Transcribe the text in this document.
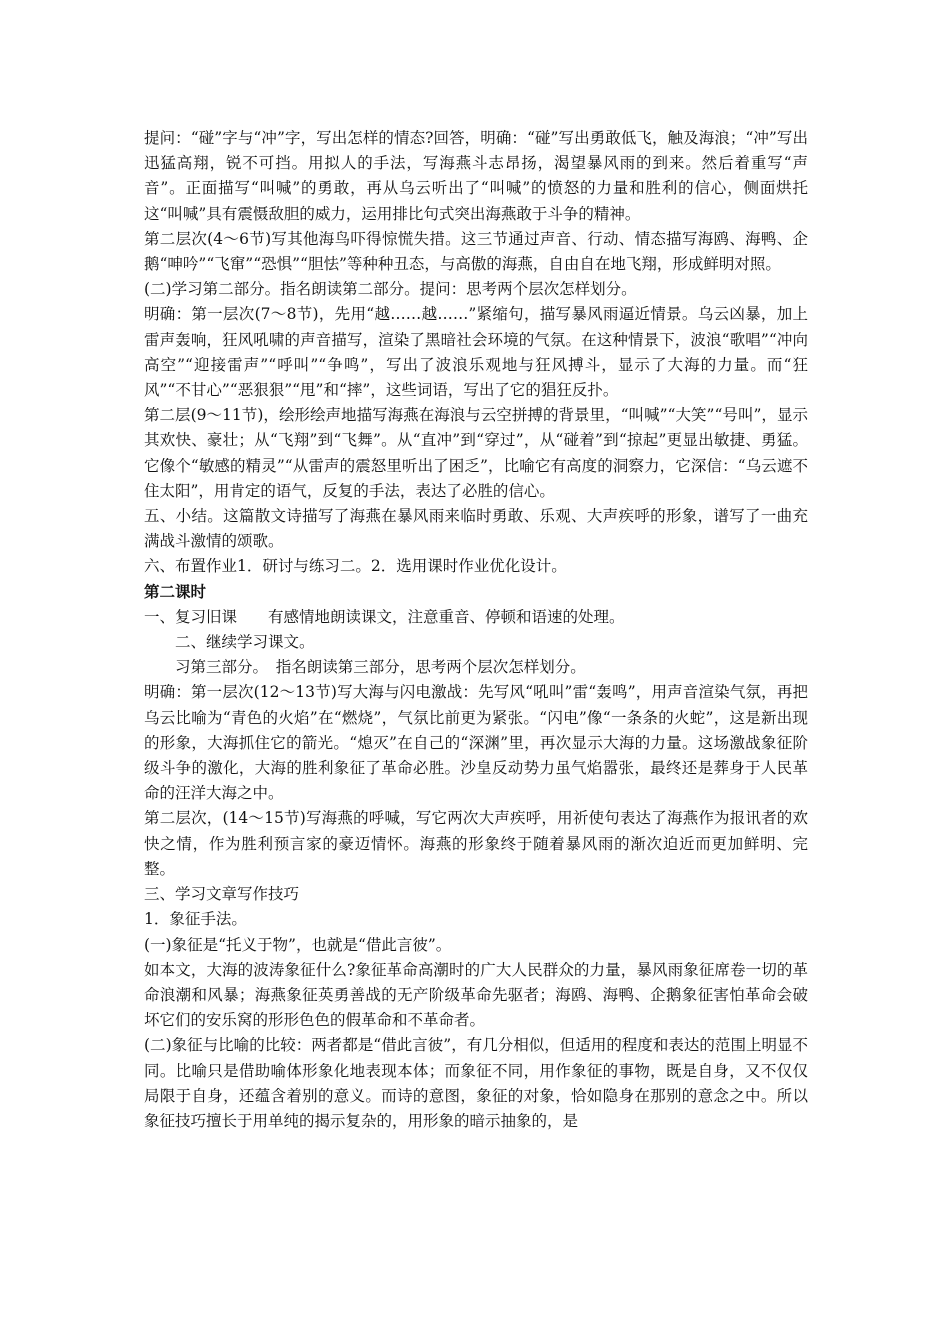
提问：“碰”字与“冲”字，写出怎样的情态?回答，明确：“碰”写出勇敢低飞，触及海浪；“冲”写出迅猛高翔，锐不可挡。用拟人的手法，写海燕斗志昂扬，渴望暴风雨的到来。然后着重写“声音”。正面描写“叫喊”的勇敢，再从乌云听出了“叫喊”的愤怒的力量和胜利的信心，侧面烘托这“叫喊”具有震慑敌胆的威力，运用排比句式突出海燕敢于斗争的精神。

第二层次(4～6节)写其他海鸟吓得惊慌失措。这三节通过声音、行动、情态描写海鸥、海鸭、企鹅“呻吟”“飞窜”“恐惧”“胆怯”等种种丑态，与高傲的海燕，自由自在地飞翔，形成鲜明对照。

(二)学习第二部分。指名朗读第二部分。提问：思考两个层次怎样划分。

明确：第一层次(7～8节)，先用“越……越……”紧缩句，描写暴风雨逼近情景。乌云凶暴，加上雷声轰响，狂风吼啸的声音描写，渲染了黑暗社会环境的气氛。在这种情景下，波浪“歌唱”“冲向高空”“迎接雷声”“呼叫”“争鸣”，写出了波浪乐观地与狂风搏斗，显示了大海的力量。而“狂风”“不甘心”“恶狠狠”“甩”和“摔”，这些词语，写出了它的猖狂反扑。

第二层(9～11节)，绘形绘声地描写海燕在海浪与云空拼搏的背景里，“叫喊”“大笑”“号叫”，显示其欢快、豪壮；从“飞翔”到“飞舞”。从“直冲”到“穿过”，从“碰着”到“掠起”更显出敏捷、勇猛。它像个“敏感的精灵”“从雷声的震怒里听出了困乏”，比喻它有高度的洞察力，它深信：“乌云遮不住太阳”，用肯定的语气，反复的手法，表达了必胜的信心。

五、小结。这篇散文诗描写了海燕在暴风雨来临时勇敢、乐观、大声疾呼的形象，谱写了一曲充满战斗激情的颂歌。

六、布置作业1．研讨与练习二。2．选用课时作业优化设计。

第二课时

一、复习旧课　　有感情地朗读课文，注意重音、停顿和语速的处理。

二、继续学习课文。

习第三部分。　指名朗读第三部分，思考两个层次怎样划分。

明确：第一层次(12～13节)写大海与闪电激战：先写风“吼叫”雷“轰鸣”，用声音渲染气氛，再把乌云比喻为“青色的火焰”在“燃烧”，气氛比前更为紧张。“闪电”像“一条条的火蛇”，这是新出现的形象，大海抓住它的箭光。“熄灭”在自己的“深渊”里，再次显示大海的力量。这场激战象征阶级斗争的激化，大海的胜利象征了革命必胜。沙皇反动势力虽气焰嚣张，最终还是葬身于人民革命的汪洋大海之中。

第二层次，(14～15节)写海燕的呼喊，写它两次大声疾呼，用祈使句表达了海燕作为报讯者的欢快之情，作为胜利预言家的豪迈情怀。海燕的形象终于随着暴风雨的渐次迫近而更加鲜明、完整。

三、学习文章写作技巧

1．象征手法。

(一)象征是“托义于物”，也就是“借此言彼”。

如本文，大海的波涛象征什么?象征革命高潮时的广大人民群众的力量，暴风雨象征席卷一切的革命浪潮和风暴；海燕象征英勇善战的无产阶级革命先驱者；海鸥、海鸭、企鹅象征害怕革命会破坏它们的安乐窝的形形色色的假革命和不革命者。

(二)象征与比喻的比较：两者都是“借此言彼”，有几分相似，但适用的程度和表达的范围上明显不同。比喻只是借助喻体形象化地表现本体；而象征不同，用作象征的事物，既是自身，又不仅仅局限于自身，还蕴含着别的意义。而诗的意图，象征的对象，恰如隐身在那别的意念之中。所以象征技巧擅长于用单纯的揭示复杂的，用形象的暗示抽象的，是
